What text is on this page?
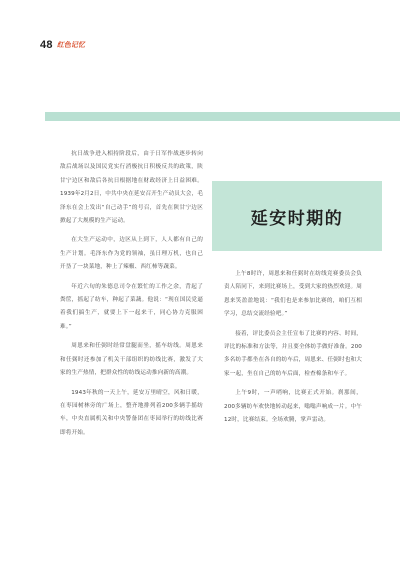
48 红色记忆

抗日战争进入相持阶段后，由于日军作战逐步转向敌后战场以及国民党实行消极抗日积极反共的政策，陕甘宁边区和敌后各抗日根据地在财政经济上日益困难。1939年2月2日，中共中央在延安召开生产动员大会，毛泽东在会上发出“自己动手”的号召，首先在陕甘宁边区掀起了大规模的生产运动。

在大生产运动中，边区从上到下，人人都有自己的生产计划。毛泽东作为党的领袖，虽日理万机，也自己开垦了一块菜地，种上了辣椒、西红柿等蔬菜。

年近六旬的朱德总司令在繁忙的工作之余，背起了粪筐，摇起了纺车，种起了菜蔬。他说：“现在国民党逼着我们搞生产，就要上下一起来干，同心协力克服困难。”

周恩来和任弼时经常盘腿而坐，摇车纺线。周恩来和任弼时还参加了机关干部组织的纺线比赛，激发了大家的生产热情，把群众性的纺线运动推向新的高潮。

1943年秋的一天上午，延安万里晴空，风和日暖，在枣园树林旁的广场上，整齐地排列着200多辆手摇纺车，中央直属机关和中央警备团在枣园举行的纺线比赛即将开始。

延安时期的

上午8时许，周恩来和任弼时在纺线竞赛委员会负责人陪同下，来到比赛场上，受到大家的热烈欢迎。周恩来笑盈盈地说：“我们也是来参加比赛的，咱们互相学习，总结交流经验吧。”

接着，评比委员会主任宣布了比赛的内容、时间，评比的标准和方法等，并且要全体纺手做好准备。200多名纺手都坐在各自的纺车后，周恩来、任弼时也和大家一起，坐在自己的纺车后面，检查棉条和车子。

上午9时，一声哨响，比赛正式开始。刹那间，200多辆纺车欢快地转动起来，嗡嗡声响成一片。中午12时，比赛结束。全场欢腾，掌声雷动。
